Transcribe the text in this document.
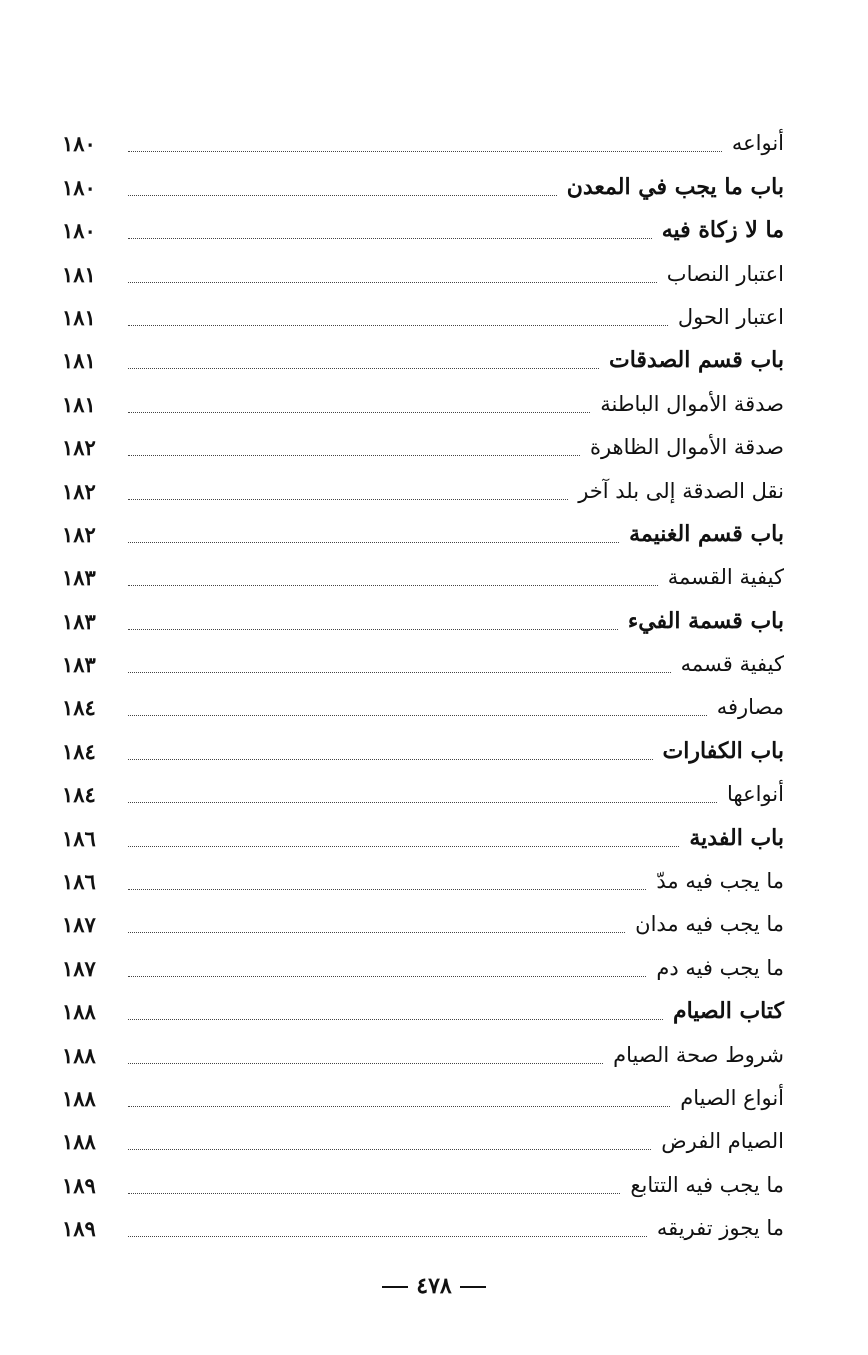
أنواعه
١٨٠
باب ما يجب في المعدن
١٨٠
ما لا زكاة فيه
١٨٠
اعتبار النصاب
١٨١
اعتبار الحول
١٨١
باب قسم الصدقات
١٨١
صدقة الأموال الباطنة
١٨١
صدقة الأموال الظاهرة
١٨٢
نقل الصدقة إلى بلد آخر
١٨٢
باب قسم الغنيمة
١٨٢
كيفية القسمة
١٨٣
باب قسمة الفيء
١٨٣
كيفية قسمه
١٨٣
مصارفه
١٨٤
باب الكفارات
١٨٤
أنواعها
١٨٤
باب الفدية
١٨٦
ما يجب فيه مدّ
١٨٦
ما يجب فيه مدان
١٨٧
ما يجب فيه دم
١٨٧
كتاب الصيام
١٨٨
شروط صحة الصيام
١٨٨
أنواع الصيام
١٨٨
الصيام الفرض
١٨٨
ما يجب فيه التتابع
١٨٩
ما يجوز تفريقه
١٨٩
٤٧٨
